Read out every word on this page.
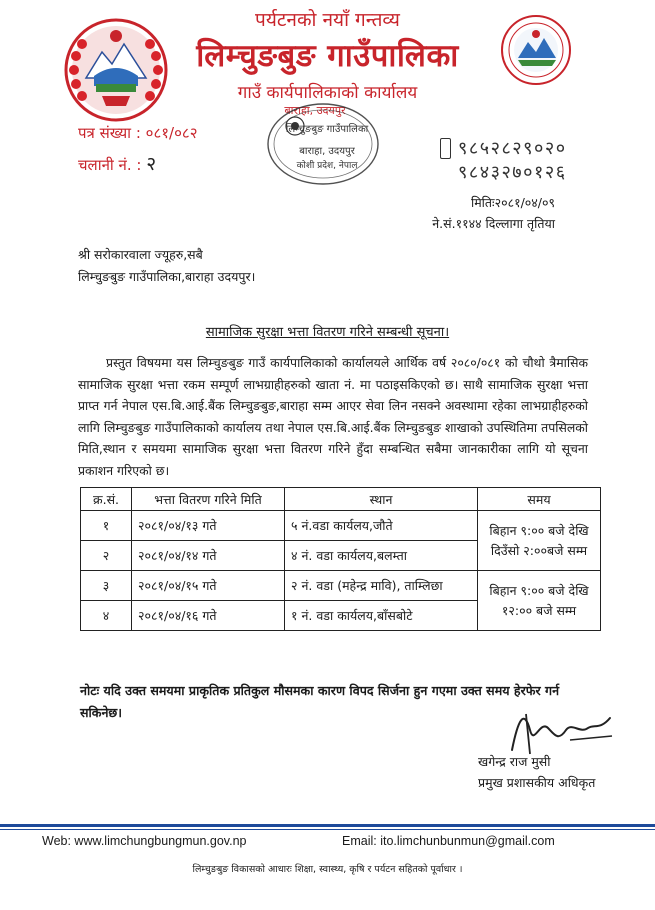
पर्यटनको नयाँ गन्तव्य
लिम्चुङबुङ गाउँपालिका
गाउँ कार्यपालिकाको कार्यालय
बाराहा, उदयपुर
लिम्चुङबुङ गाउँपालिका
बाराहा, उदयपुर
कोशी प्रदेश, नेपाल
पत्र संख्या : ०८१/०८२
चलानी नं. : २
९८५२८२९०२०
९८४३२७०१२६
मितिः२०८१/०४/०९
ने.सं.११४४ दिल्लागा तृतिया
श्री सरोकारवाला ज्यूहरु,सबै
लिम्चुङबुङ गाउँपालिका,बाराहा उदयपुर।
सामाजिक सुरक्षा भत्ता वितरण गरिने सम्बन्धी सूचना।
प्रस्तुत विषयमा यस लिम्चुङबुङ गाउँ कार्यपालिकाको कार्यालयले आर्थिक वर्ष २०८०/०८१ को चौथो त्रैमासिक सामाजिक सुरक्षा भत्ता रकम सम्पूर्ण लाभग्राहीहरुको खाता नं. मा पठाइसकिएको छ। साथै सामाजिक सुरक्षा भत्ता प्राप्त गर्न नेपाल एस.बि.आई.बैंक लिम्चुङबुङ,बाराहा सम्म आएर सेवा लिन नसक्ने अवस्थामा रहेका लाभग्राहीहरुको लागि लिम्चुङबुङ गाउँपालिकाको कार्यालय तथा नेपाल एस.बि.आई.बैंक लिम्चुङबुङ शाखाको उपस्थितिमा तपसिलको मिति,स्थान र समयमा सामाजिक सुरक्षा भत्ता वितरण गरिने हुँदा सम्बन्धित सबैमा जानकारीका लागि यो सूचना प्रकाशन गरिएको छ।
क्र.सं.	भत्ता वितरण गरिने मिति	स्थान	समय
१	२०८१/०४/१३ गते	५ नं.वडा कार्यलय,जौते	बिहान ९:०० बजे देखि दिउँसो २:००बजे सम्म
२	२०८१/०४/१४ गते	४ नं. वडा कार्यलय,बलम्ता	
३	२०८१/०४/१५ गते	२ नं. वडा (महेन्द्र मावि), ताम्लिछा	बिहान ९:०० बजे देखि १२:०० बजे सम्म
४	२०८१/०४/१६ गते	१ नं. वडा कार्यलय,बाँसबोटे	
नोटः यदि उक्त समयमा प्राकृतिक प्रतिकुल मौसमका कारण विपद सिर्जना हुन गएमा उक्त समय हेरफेर गर्न सकिनेछ।
खगेन्द्र राज मुसी
प्रमुख प्रशासकीय अधिकृत
Web: www.limchungbungmun.gov.np	Email: ito.limchunbunmun@gmail.com
लिम्चुङबुङ विकासको आधारः शिक्षा, स्वास्थ्य, कृषि र पर्यटन सहितको पूर्वाधार ।
